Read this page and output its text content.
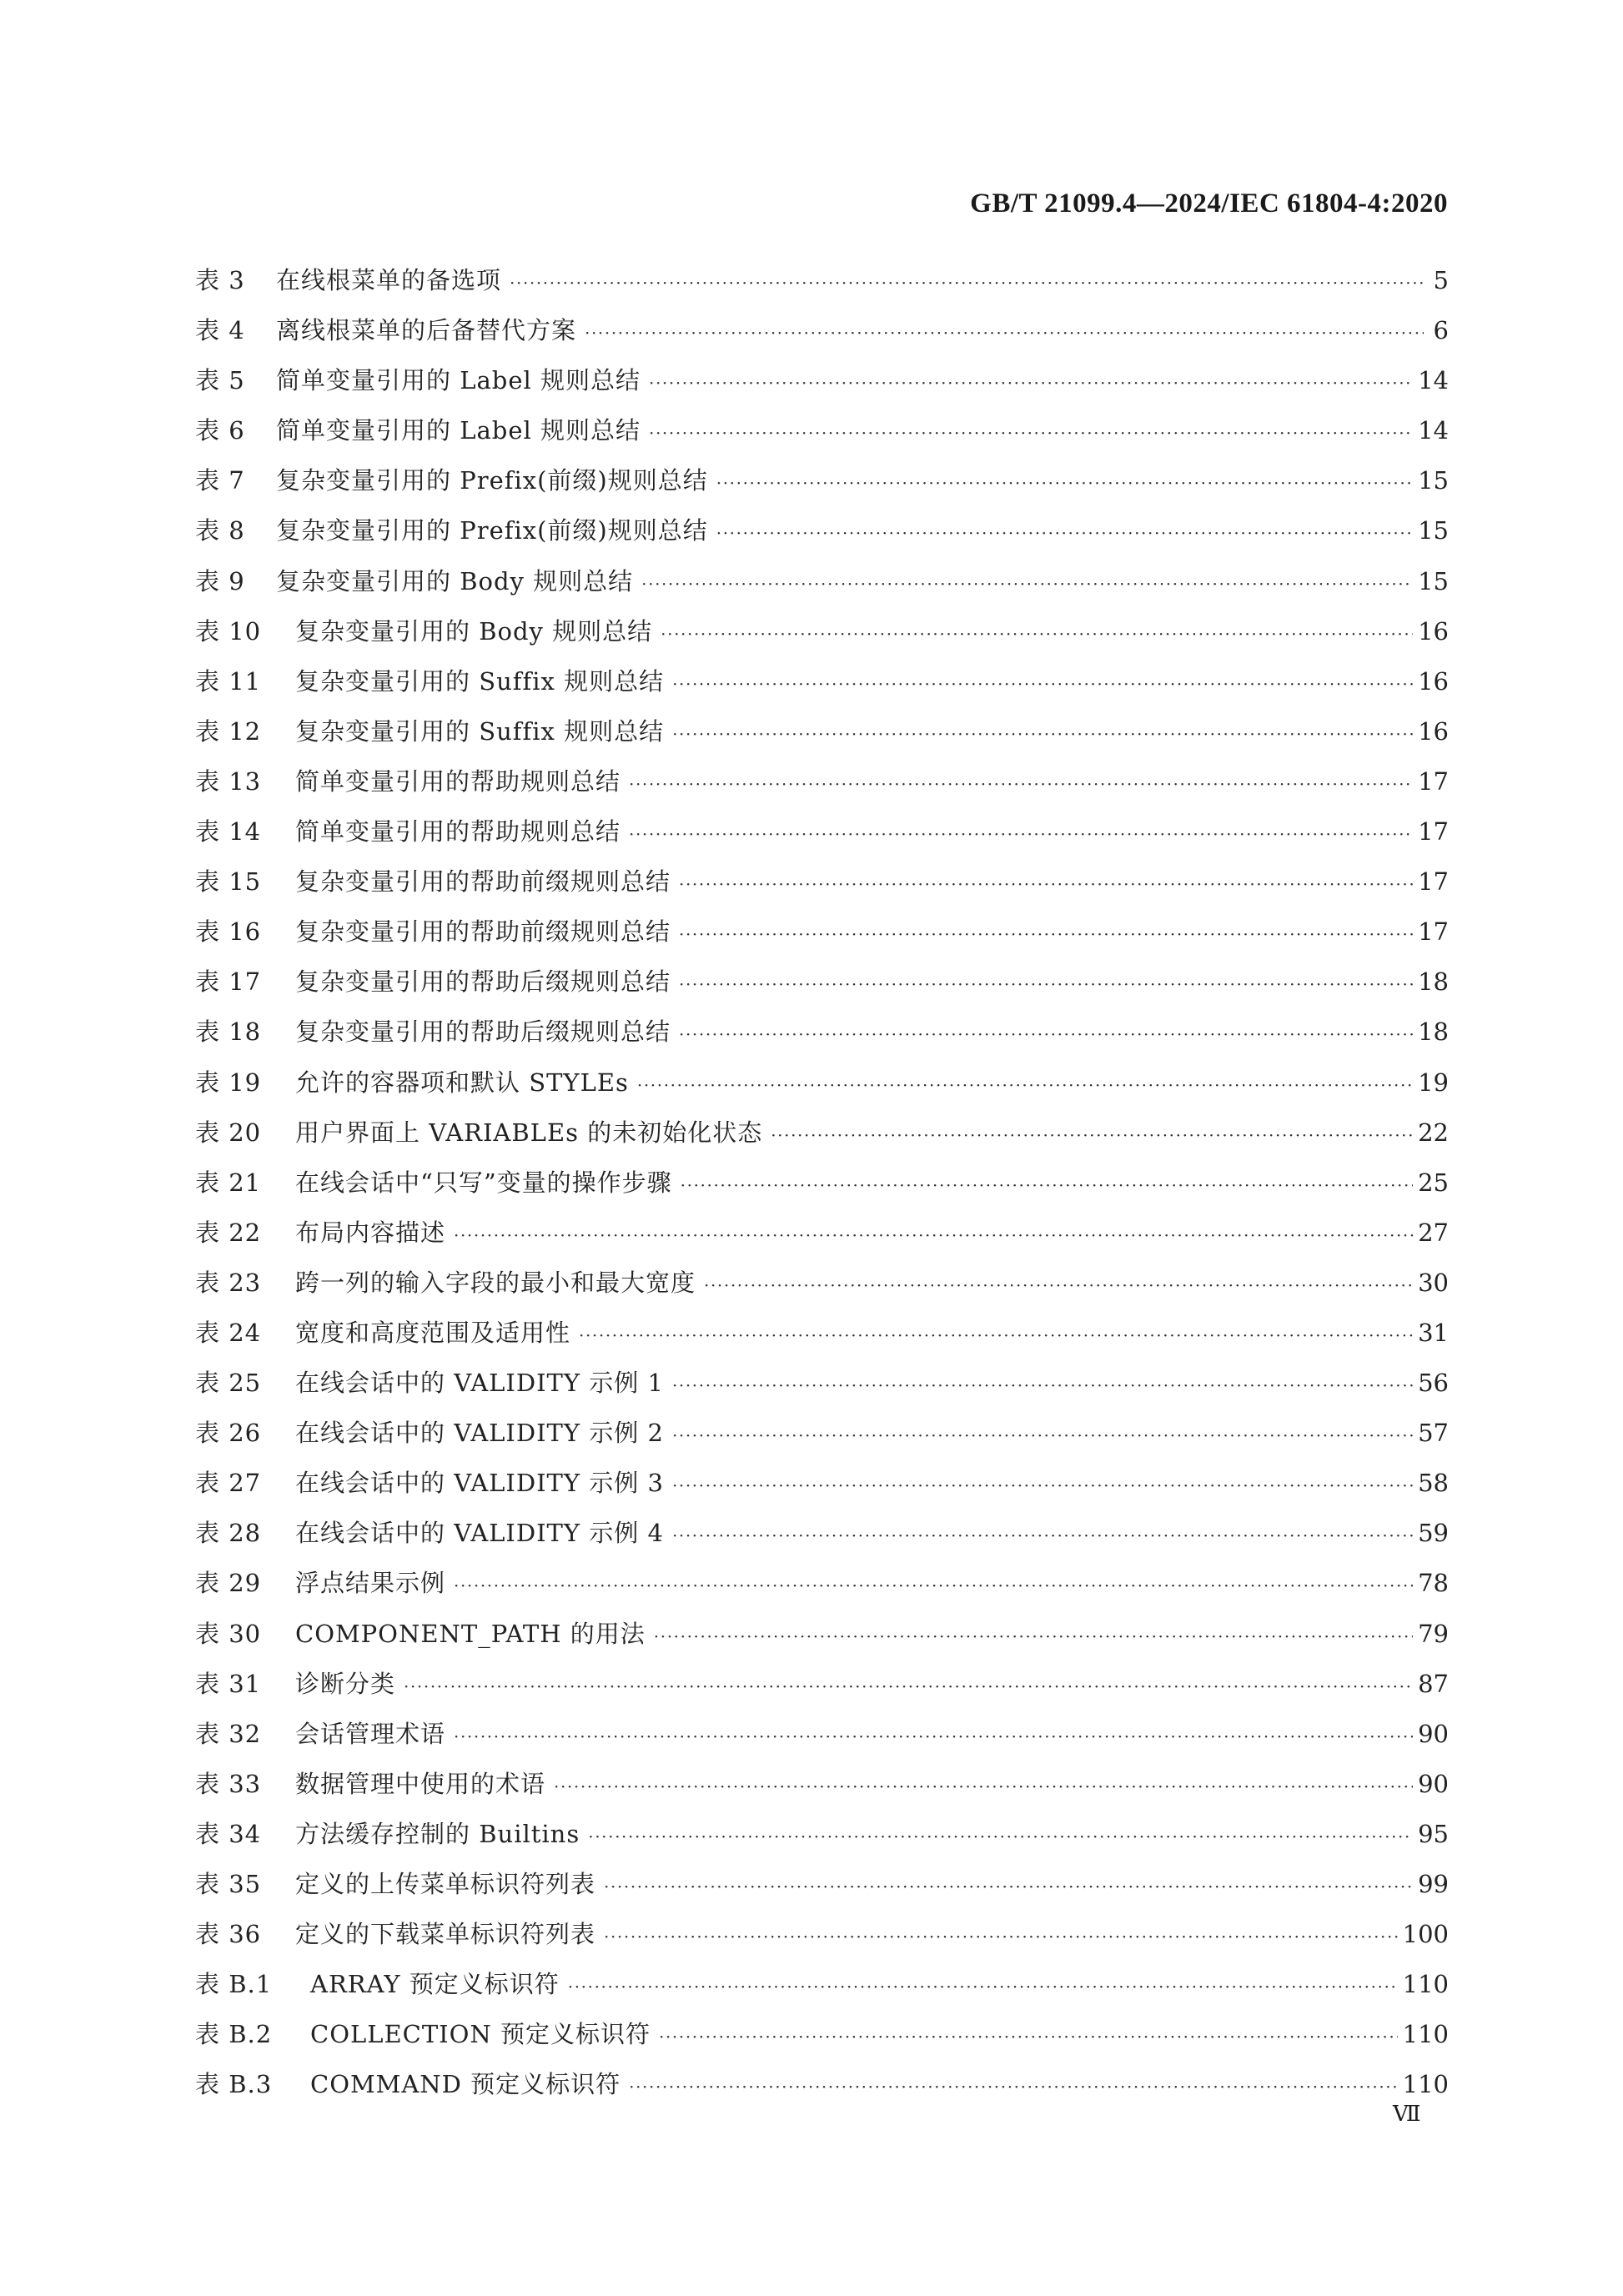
GB/T 21099.4—2024/IEC 61804-4:2020
表 3	在线根菜单的备选项 ·····	5
表 4	离线根菜单的后备替代方案 ·····	6
表 5	简单变量引用的 Label 规则总结 ·····	14
表 6	简单变量引用的 Label 规则总结 ·····	14
表 7	复杂变量引用的 Prefix(前缀)规则总结 ·····	15
表 8	复杂变量引用的 Prefix(前缀)规则总结 ·····	15
表 9	复杂变量引用的 Body 规则总结 ·····	15
表 10	复杂变量引用的 Body 规则总结 ·····	16
表 11	复杂变量引用的 Suffix 规则总结 ·····	16
表 12	复杂变量引用的 Suffix 规则总结 ·····	16
表 13	简单变量引用的帮助规则总结 ·····	17
表 14	简单变量引用的帮助规则总结 ·····	17
表 15	复杂变量引用的帮助前缀规则总结 ·····	17
表 16	复杂变量引用的帮助前缀规则总结 ·····	17
表 17	复杂变量引用的帮助后缀规则总结 ·····	18
表 18	复杂变量引用的帮助后缀规则总结 ·····	18
表 19	允许的容器项和默认 STYLEs ·····	19
表 20	用户界面上 VARIABLEs 的未初始化状态 ·····	22
表 21	在线会话中“只写”变量的操作步骤 ·····	25
表 22	布局内容描述 ·····	27
表 23	跨一列的输入字段的最小和最大宽度 ·····	30
表 24	宽度和高度范围及适用性 ·····	31
表 25	在线会话中的 VALIDITY 示例 1 ·····	56
表 26	在线会话中的 VALIDITY 示例 2 ·····	57
表 27	在线会话中的 VALIDITY 示例 3 ·····	58
表 28	在线会话中的 VALIDITY 示例 4 ·····	59
表 29	浮点结果示例 ·····	78
表 30	COMPONENT_PATH 的用法 ·····	79
表 31	诊断分类 ·····	87
表 32	会话管理术语 ·····	90
表 33	数据管理中使用的术语 ·····	90
表 34	方法缓存控制的 Builtins ·····	95
表 35	定义的上传菜单标识符列表 ·····	99
表 36	定义的下载菜单标识符列表 ·····	100
表 B.1	ARRAY 预定义标识符 ·····	110
表 B.2	COLLECTION 预定义标识符 ·····	110
表 B.3	COMMAND 预定义标识符 ·····	110
Ⅶ
